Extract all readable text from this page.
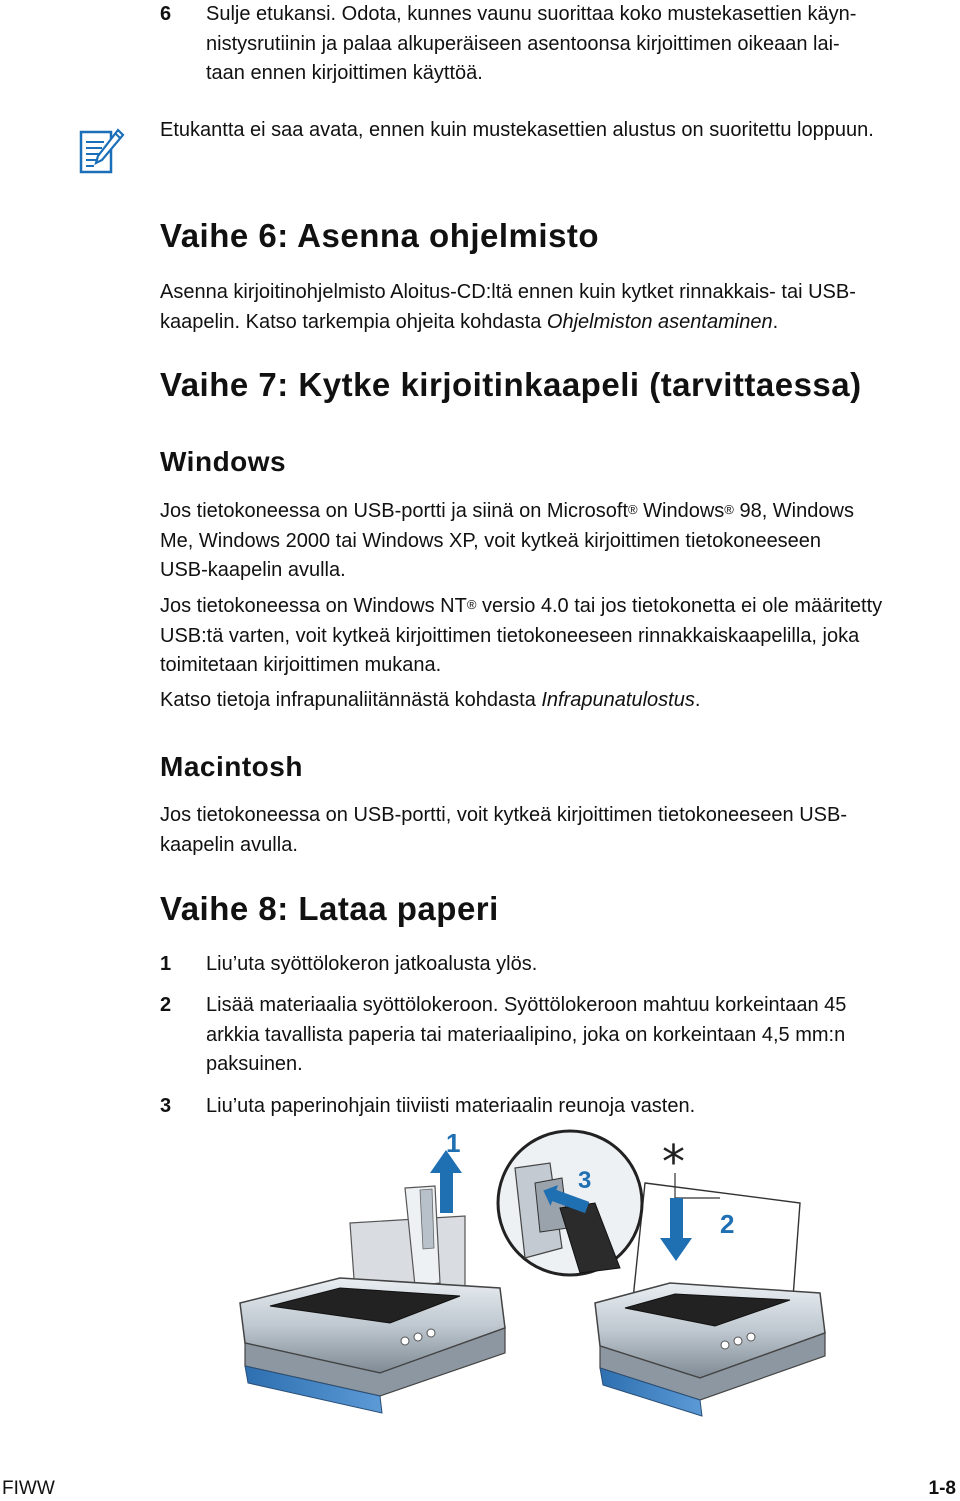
6 Sulje etukansi. Odota, kunnes vaunu suorittaa koko mustekasettien käyn-
nistysrutiinin ja palaa alkuperäiseen asentoonsa kirjoittimen oikeaan lai-
taan ennen kirjoittimen käyttöä.
Etukantta ei saa avata, ennen kuin mustekasettien alustus on suoritettu loppuun.
Vaihe 6: Asenna ohjelmisto
Asenna kirjoitinohjelmisto Aloitus-CD:ltä ennen kuin kytket rinnakkais- tai USB-
kaapelin. Katso tarkempia ohjeita kohdasta Ohjelmiston asentaminen.
Vaihe 7: Kytke kirjoitinkaapeli (tarvittaessa)
Windows
Jos tietokoneessa on USB-portti ja siinä on Microsoft® Windows® 98, Windows
Me, Windows 2000 tai Windows XP, voit kytkeä kirjoittimen tietokoneeseen
USB-kaapelin avulla.
Jos tietokoneessa on Windows NT® versio 4.0 tai jos tietokonetta ei ole määritetty
USB:tä varten, voit kytkeä kirjoittimen tietokoneeseen rinnakkaiskaapelilla, joka
toimitetaan kirjoittimen mukana.
Katso tietoja infrapunaliitännästä kohdasta Infrapunatulostus.
Macintosh
Jos tietokoneessa on USB-portti, voit kytkeä kirjoittimen tietokoneeseen USB-
kaapelin avulla.
Vaihe 8: Lataa paperi
1 Liu’uta syöttölokeron jatkoalusta ylös.
2 Lisää materiaalia syöttölokeroon. Syöttölokeroon mahtuu korkeintaan 45
arkkia tavallista paperia tai materiaalipino, joka on korkeintaan 4,5 mm:n
paksuinen.
3 Liu’uta paperinohjain tiiviisti materiaalin reunoja vasten.
1
2
3 *
FIWW	1-8
